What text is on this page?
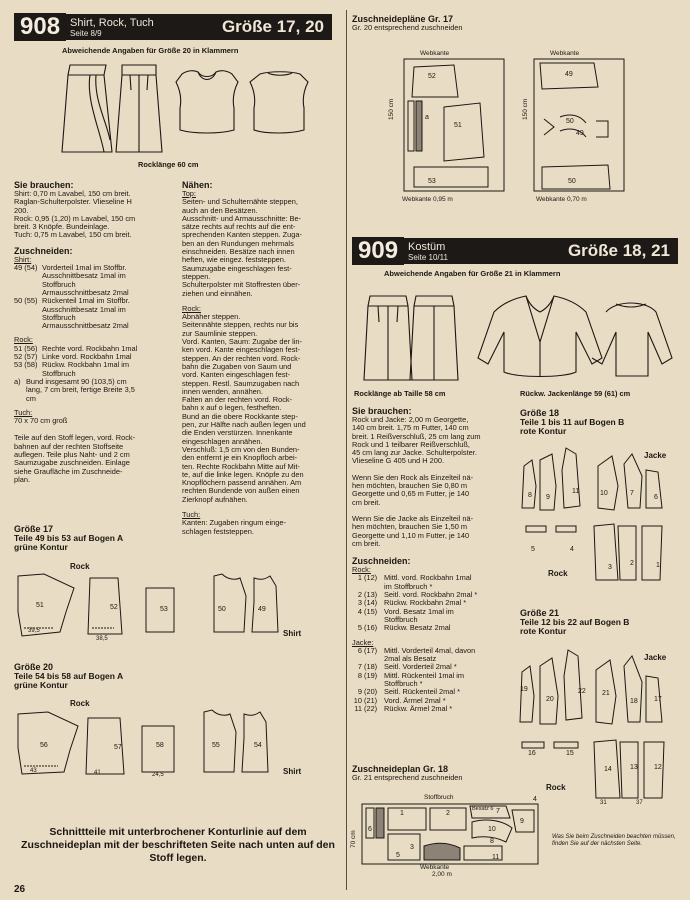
908 Shirt, Rock, Tuch
Seite 8/9	Größe 17, 20
Abweichende Angaben für Größe 20 in Klammern
Rocklänge 60 cm
Sie brauchen:
Shirt: 0,70 m Lavabel, 150 cm breit.
Raglan-Schulterpolster. Vlieseline H
200.
Rock: 0,95 (1,20) m Lavabel, 150 cm
breit. 3 Knöpfe. Bundeinlage.
Tuch: 0,75 m Lavabel, 150 cm breit.
Zuschneiden:
Shirt:
49 (54) Vorderteil 1mal im Stoffbr.
Ausschnittbesatz 1mal im
Stoffbruch
Armausschnittbesatz 2mal
50 (55) Rückenteil 1mal im Stoffbr.
Ausschnittbesatz 1mal im
Stoffbruch
Armausschnittbesatz 2mal
Rock:
51 (56) Rechte vord. Rockbahn 1mal
52 (57) Linke vord. Rockbahn 1mal
53 (58) Rückw. Rockbahn 1mal im
Stoffbruch
a) Bund insgesamt 90 (103,5) cm
lang, 7 cm breit, fertige Breite 3,5
cm
Tuch:
70 x 70 cm groß
Teile auf den Stoff legen, vord. Rock-
bahnen auf der rechten Stoffseite
auflegen. Teile plus Naht- und 2 cm
Saumzugabe zuschneiden. Einlage
siehe Graufläche im Zuschneide-
plan.
Nähen:
Top:
Seiten- und Schulternähte steppen,
auch an den Besätzen.
Ausschnitt- und Armausschnitte: Be-
sätze rechts auf rechts auf die ent-
sprechenden Kanten steppen. Zuga-
ben an den Rundungen mehrmals
einschneiden. Besätze nach innen
heften, wie eingez. feststeppen.
Saumzugabe eingeschlagen fest-
steppen.
Schulterpolster mit Stoffresten über-
ziehen und einnähen.
Rock:
Abnäher steppen.
Seitennähte steppen, rechts nur bis
zur Saumlinie steppen.
Vord. Kanten, Saum: Zugabe der lin-
ken vord. Kante eingeschlagen fest-
steppen. An der rechten vord. Rock-
bahn die Zugaben von Saum und
vord. Kanten eingeschlagen fest-
steppen. Restl. Saumzugaben nach
innen wenden, annähen.
Falten an der rechten vord. Rock-
bahn x auf o legen, festheften.
Bund an die obere Rockkante step-
pen, zur Hälfte nach außen legen und
die Enden verstürzen. Innenkante
eingeschlagen annähen.
Verschluß: 1,5 cm von den Bunden-
den entfernt je ein Knopfloch arbei-
ten. Rechte Rockbahn Mitte auf Mit-
te, auf die linke legen. Knöpfe zu den
Knopflöchern passend annähen. Am
rechten Bundende von außen einen
Zierknopf aufnähen.
Tuch:
Kanten: Zugaben ringum einge-
schlagen feststeppen.
Größe 17
Teile 49 bis 53 auf Bogen A
grüne Kontur
Rock
51	52	53	50	49
39,5
38,5
Shirt
Größe 20
Teile 54 bis 58 auf Bogen A
grüne Kontur
Rock
56	57	58	55	54
43	41	24,5	Shirt
Schnittteile mit unterbrochener Konturlinie auf dem Zuschneideplan mit der beschrifteten Seite nach unten auf den Stoff legen.
26
Zuschneidepläne Gr. 17
Gr. 20 entsprechend zuschneiden
Webkante	Webkante
52
51
53
a
49
50
50
49
150 cm	150 cm
Webkante 0,95 m	Webkante 0,70 m
909 Kostüm
Seite 10/11	Größe 18, 21
Abweichende Angaben für Größe 21 in Klammern
Rocklänge ab Taille 58 cm	Rückw. Jackenlänge 59 (61) cm
Sie brauchen:
Rock und Jacke: 2,00 m Georgette,
140 cm breit. 1,75 m Futter, 140 cm
breit. 1 Reißverschluß, 25 cm lang zum
Rock und 1 teilbarer Reißverschluß,
45 cm lang zur Jacke. Schulterpolster.
Vlieseline G 405 und H 200.
Wenn Sie den Rock als Einzelteil nä-
hen möchten, brauchen Sie 0,80 m
Georgette und 0,65 m Futter, je 140
cm breit.
Wenn Sie die Jacke als Einzelteil nä-
hen möchten, brauchen Sie 1,50 m
Georgette und 1,10 m Futter, je 140
cm breit.
Zuschneiden:
Rock:
1 (12) Mittl. vord. Rockbahn 1mal
im Stoffbruch *
2 (13) Seitl. vord. Rockbahn 2mal *
3 (14) Rückw. Rockbahn 2mal *
4 (15) Vord. Besatz 1mal im
Stoffbruch
5 (16) Rückw. Besatz 2mal
Jacke:
6 (17) Mittl. Vorderteil 4mal, davon
2mal als Besatz
7 (18) Seitl. Vorderteil 2mal *
8 (19) Mittl. Rückenteil 1mal im
Stoffbruch *
9 (20) Seitl. Rückenteil 2mal *
10 (21) Vord. Ärmel 2mal *
11 (22) Rückw. Ärmel 2mal *
Zuschneideplan Gr. 18
Gr. 21 entsprechend zuschneiden
Stoffbruch
6
1	2
3
4
5
7
8
9
10
11
Besatz 6
70 cm
Webkante
2,00 m
Was Sie beim Zuschneiden beachten müssen, finden Sie auf der nächsten Seite.
Größe 18
Teile 1 bis 11 auf Bogen B
rote Kontur
Jacke
8 9
11	10	7
6
5	4
3
2	1
Rock
Größe 21
Teile 12 bis 22 auf Bogen B
rote Kontur
Jacke
19
20
22 21
18 17
16	15
14	13 12
Rock
31	37
